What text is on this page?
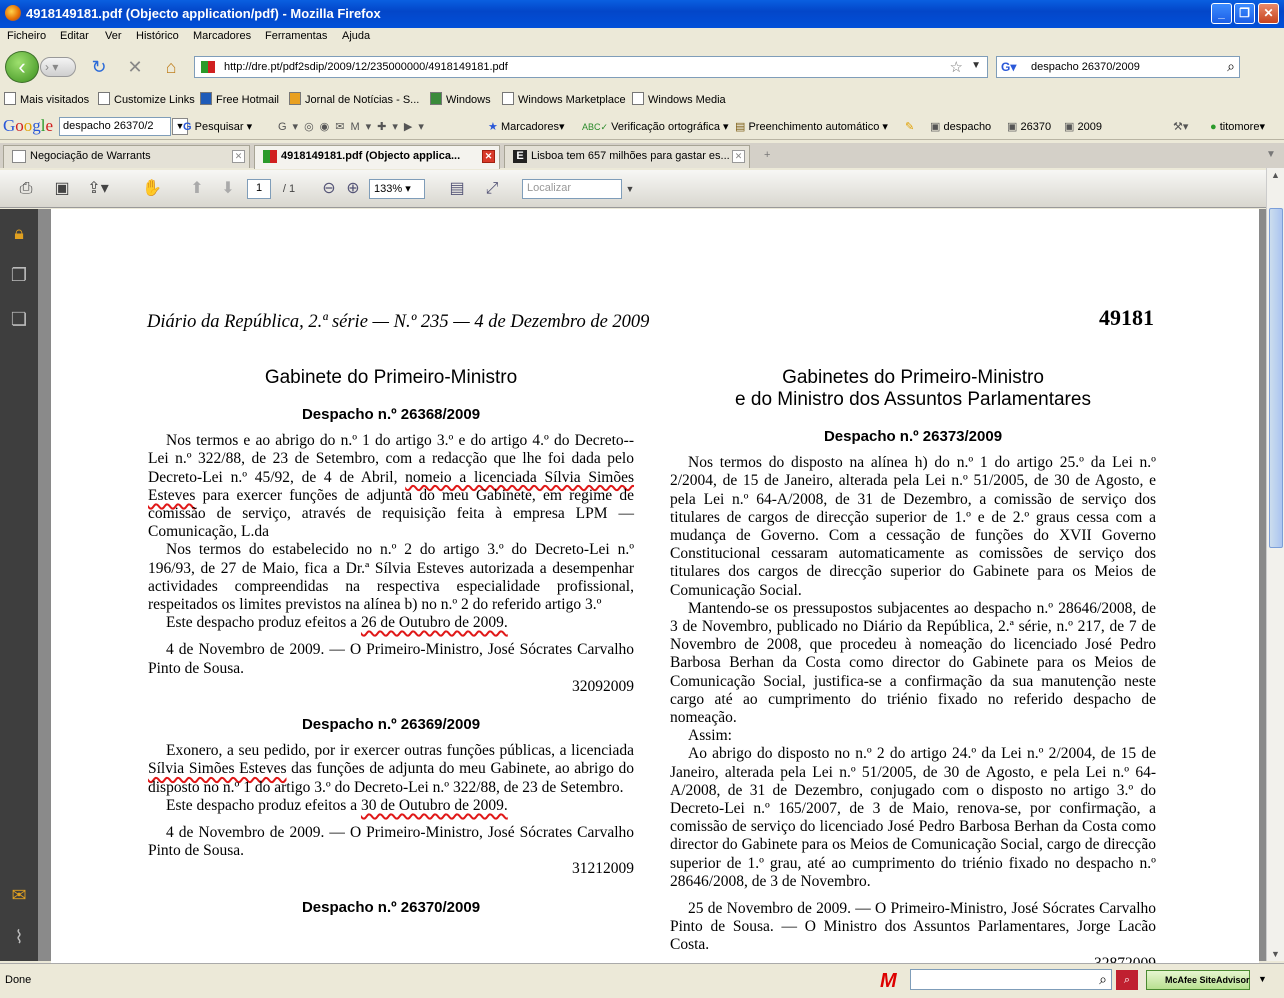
4918149181.pdf (Objecto application/pdf) - Mozilla Firefox	_	❐	✕
Ficheiro Editar Ver Histórico Marcadores Ferramentas Ajuda
‹	› ▾	↻ ✕ ⌂	http://dre.pt/pdf2sdip/2009/12/235000000/4918149181.pdf	☆ ▼ G▾ despacho 26370/2009	⌕
Mais visitados	Customize Links	Free Hotmail	Jornal de Notícias - S...	Windows	Windows Marketplace	Windows Media
Google despacho 26370/2	▼
G Pesquisar ▾ G▾◎◉✉M▾✚▾▶▾	★ Marcadores▾ ABC✓ Verificação ortográfica ▾ ▤ Preenchimento automático ▾ ✎ ▣ despacho ▣ 26370 ▣ 2009	⚒▾ ● titomore▾
Negociação de Warrants	✕	4918149181.pdf (Objecto applica...	✕	E Lisboa tem 657 milhões para gastar es... ✕ +	▼
⎙	▣ ⇪▾ ✋	⬆	⬇	1	/ 1	⊖ ⊕	133% ▾	▤	⤢	Localizar	▼
🔒︎
❐
❏
✉
⌇
Diário da República, 2.ª série — N.º 235 — 4 de Dezembro de 2009	49181
Gabinete do Primeiro-Ministro
Despacho n.º 26368/2009

Nos termos e ao abrigo do n.º 1 do artigo 3.º e do artigo 4.º do Decreto--Lei n.º 322/88, de 23 de Setembro, com a redacção que lhe foi dada pelo Decreto-Lei n.º 45/92, de 4 de Abril, nomeio a licenciada Sílvia Simões Esteves para exercer funções de adjunta do meu Gabinete, em regime de comissão de serviço, através de requisição feita à empresa LPM — Comunicação, L.da

Nos termos do estabelecido no n.º 2 do artigo 3.º do Decreto-Lei n.º 196/93, de 27 de Maio, fica a Dr.ª Sílvia Esteves autorizada a desempenhar actividades compreendidas na respectiva especialidade profissional, respeitados os limites previstos na alínea b) no n.º 2 do referido artigo 3.º

Este despacho produz efeitos a 26 de Outubro de 2009.

4 de Novembro de 2009. — O Primeiro-Ministro, José Sócrates Carvalho Pinto de Sousa.

32092009
Despacho n.º 26369/2009

Exonero, a seu pedido, por ir exercer outras funções públicas, a licenciada Sílvia Simões Esteves das funções de adjunta do meu Gabinete, ao abrigo do disposto no n.º 1 do artigo 3.º do Decreto-Lei n.º 322/88, de 23 de Setembro.

Este despacho produz efeitos a 30 de Outubro de 2009.

4 de Novembro de 2009. — O Primeiro-Ministro, José Sócrates Carvalho Pinto de Sousa.

31212009
Despacho n.º 26370/2009
Gabinetes do Primeiro-Ministro
e do Ministro dos Assuntos Parlamentares
Despacho n.º 26373/2009

Nos termos do disposto na alínea h) do n.º 1 do artigo 25.º da Lei n.º 2/2004, de 15 de Janeiro, alterada pela Lei n.º 51/2005, de 30 de Agosto, e pela Lei n.º 64-A/2008, de 31 de Dezembro, a comissão de serviço dos titulares de cargos de direcção superior de 1.º e de 2.º graus cessa com a mudança de Governo. Com a cessação de funções do XVII Governo Constitucional cessaram automaticamente as comissões de serviço dos titulares dos cargos de direcção superior do Gabinete para os Meios de Comunicação Social.

Mantendo-se os pressupostos subjacentes ao despacho n.º 28646/2008, de 3 de Novembro, publicado no Diário da República, 2.ª série, n.º 217, de 7 de Novembro de 2008, que procedeu à nomeação do licenciado José Pedro Barbosa Berhan da Costa como director do Gabinete para os Meios de Comunicação Social, justifica-se a confirmação da sua manutenção neste cargo até ao cumprimento do triénio fixado no referido despacho de nomeação.

Assim:

Ao abrigo do disposto no n.º 2 do artigo 24.º da Lei n.º 2/2004, de 15 de Janeiro, alterada pela Lei n.º 51/2005, de 30 de Agosto, e pela Lei n.º 64-A/2008, de 31 de Dezembro, conjugado com o disposto no artigo 3.º do Decreto-Lei n.º 165/2007, de 3 de Maio, renova-se, por confirmação, a comissão de serviço do licenciado José Pedro Barbosa Berhan da Costa como director do Gabinete para os Meios de Comunicação Social, cargo de direcção superior de 1.º grau, até ao cumprimento do triénio fixado no despacho n.º 28646/2008, de 3 de Novembro.

25 de Novembro de 2009. — O Primeiro-Ministro, José Sócrates Carvalho Pinto de Sousa. — O Ministro dos Assuntos Parlamentares, Jorge Lacão Costa.

▲
▼
Done	M	⌕	⌕	McAfee SiteAdvisor ▼
